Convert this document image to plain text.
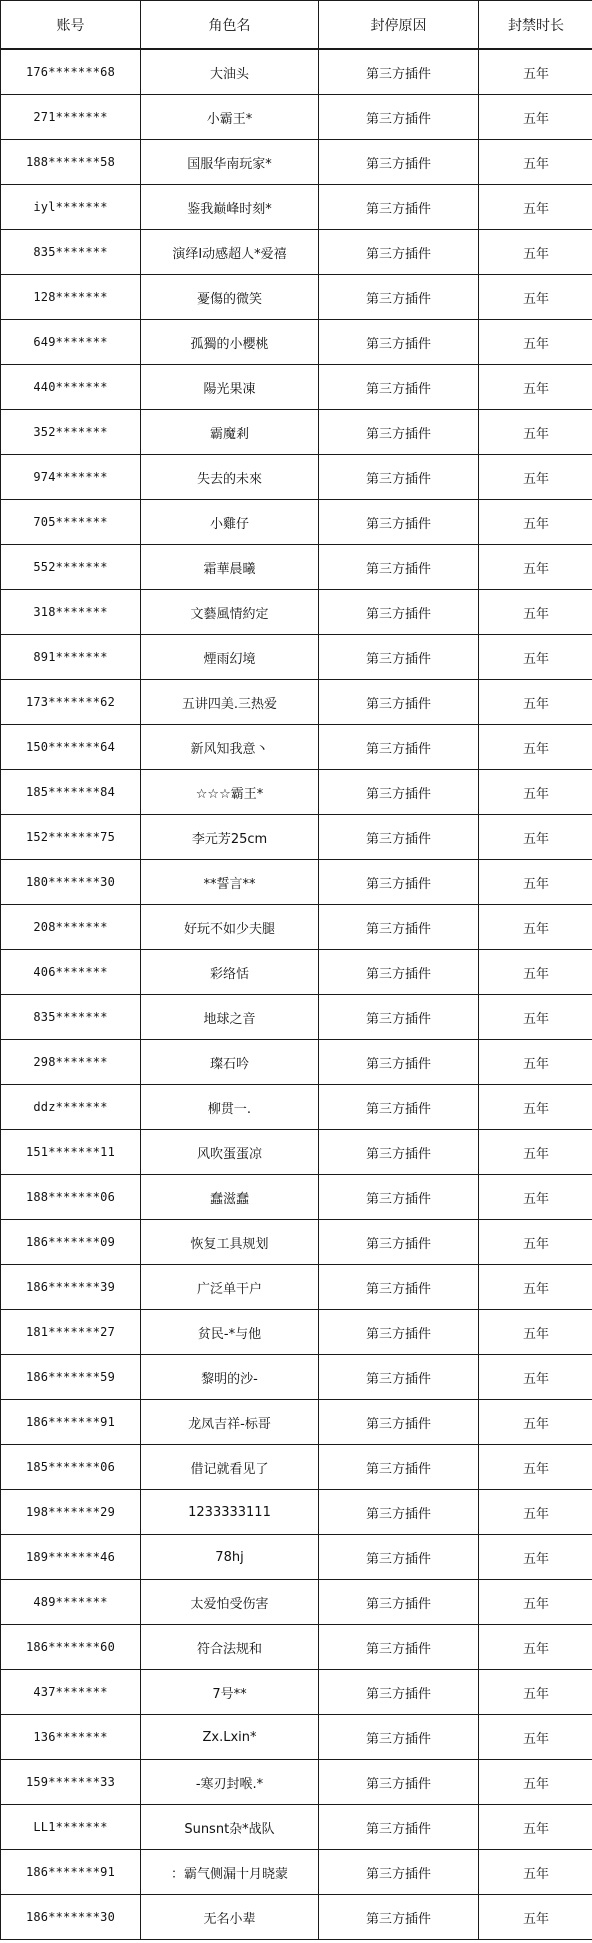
账号	角色名	封停原因	封禁时长
176*******68	大油头	第三方插件	五年
271*******	小霸王*	第三方插件	五年
188*******58	国服华南玩家*	第三方插件	五年
iyl*******	鉴我巅峰时刻*	第三方插件	五年
835*******	演绎I动感超人*爱禧	第三方插件	五年
128*******	憂傷的微笑	第三方插件	五年
649*******	孤獨的小櫻桃	第三方插件	五年
440*******	陽光果凍	第三方插件	五年
352*******	霸魔剎	第三方插件	五年
974*******	失去的未來	第三方插件	五年
705*******	小雞仔	第三方插件	五年
552*******	霜華晨曦	第三方插件	五年
318*******	文藝風情約定	第三方插件	五年
891*******	煙雨幻境	第三方插件	五年
173*******62	五讲四美.三热爱	第三方插件	五年
150*******64	新风知我意丶	第三方插件	五年
185*******84	☆☆☆霸王*	第三方插件	五年
152*******75	李元芳25cm	第三方插件	五年
180*******30	**誓言**	第三方插件	五年
208*******	好玩不如少夫腿	第三方插件	五年
406*******	彩络恬	第三方插件	五年
835*******	地球之音	第三方插件	五年
298*******	璨石吟	第三方插件	五年
ddz*******	柳贯一.	第三方插件	五年
151*******11	风吹蛋蛋凉	第三方插件	五年
188*******06	蠢滋蠢	第三方插件	五年
186*******09	恢复工具规划	第三方插件	五年
186*******39	广泛单干户	第三方插件	五年
181*******27	贫民-*与他	第三方插件	五年
186*******59	黎明的沙-	第三方插件	五年
186*******91	龙凤吉祥-标哥	第三方插件	五年
185*******06	借记就看见了	第三方插件	五年
198*******29	1233333111	第三方插件	五年
189*******46	78hj	第三方插件	五年
489*******	太爱怕受伤害	第三方插件	五年
186*******60	符合法规和	第三方插件	五年
437*******	7号**	第三方插件	五年
136*******	Zx.Lxin*	第三方插件	五年
159*******33	-寒刃封喉.*	第三方插件	五年
LL1*******	Sunsnt杂*战队	第三方插件	五年
186*******91	：霸气侧漏十月晓蒙	第三方插件	五年
186*******30	无名小辈	第三方插件	五年
